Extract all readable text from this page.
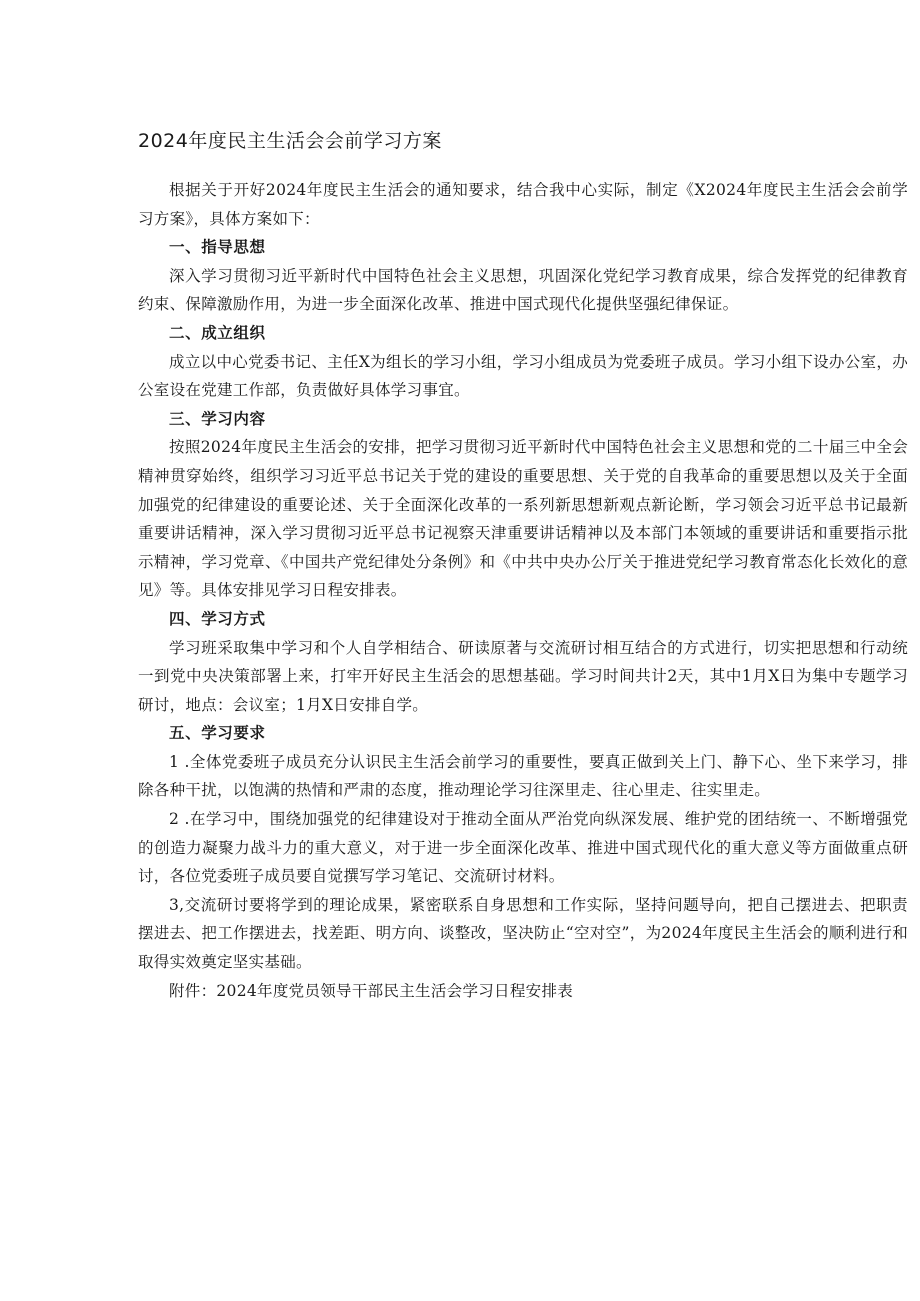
2024年度民主生活会会前学习方案

根据关于开好2024年度民主生活会的通知要求，结合我中心实际，制定《X2024年度民主生活会会前学习方案》，具体方案如下：

一、指导思想

深入学习贯彻习近平新时代中国特色社会主义思想，巩固深化党纪学习教育成果，综合发挥党的纪律教育约束、保障激励作用，为进一步全面深化改革、推进中国式现代化提供坚强纪律保证。

二、成立组织

成立以中心党委书记、主任X为组长的学习小组，学习小组成员为党委班子成员。学习小组下设办公室，办公室设在党建工作部，负责做好具体学习事宜。

三、学习内容

按照2024年度民主生活会的安排，把学习贯彻习近平新时代中国特色社会主义思想和党的二十届三中全会精神贯穿始终，组织学习习近平总书记关于党的建设的重要思想、关于党的自我革命的重要思想以及关于全面加强党的纪律建设的重要论述、关于全面深化改革的一系列新思想新观点新论断，学习领会习近平总书记最新重要讲话精神，深入学习贯彻习近平总书记视察天津重要讲话精神以及本部门本领域的重要讲话和重要指示批示精神，学习党章、《中国共产党纪律处分条例》和《中共中央办公厅关于推进党纪学习教育常态化长效化的意见》等。具体安排见学习日程安排表。

四、学习方式

学习班采取集中学习和个人自学相结合、研读原著与交流研讨相互结合的方式进行，切实把思想和行动统一到党中央决策部署上来，打牢开好民主生活会的思想基础。学习时间共计2天，其中1月X日为集中专题学习研讨，地点：会议室；1月X日安排自学。

五、学习要求

1 .全体党委班子成员充分认识民主生活会前学习的重要性，要真正做到关上门、静下心、坐下来学习，排除各种干扰，以饱满的热情和严肃的态度，推动理论学习往深里走、往心里走、往实里走。

2 .在学习中，围绕加强党的纪律建设对于推动全面从严治党向纵深发展、维护党的团结统一、不断增强党的创造力凝聚力战斗力的重大意义，对于进一步全面深化改革、推进中国式现代化的重大意义等方面做重点研讨，各位党委班子成员要自觉撰写学习笔记、交流研讨材料。

3,交流研讨要将学到的理论成果，紧密联系自身思想和工作实际，坚持问题导向，把自己摆进去、把职责摆进去、把工作摆进去，找差距、明方向、谈整改，坚决防止“空对空”，为2024年度民主生活会的顺利进行和取得实效奠定坚实基础。

附件：2024年度党员领导干部民主生活会学习日程安排表
